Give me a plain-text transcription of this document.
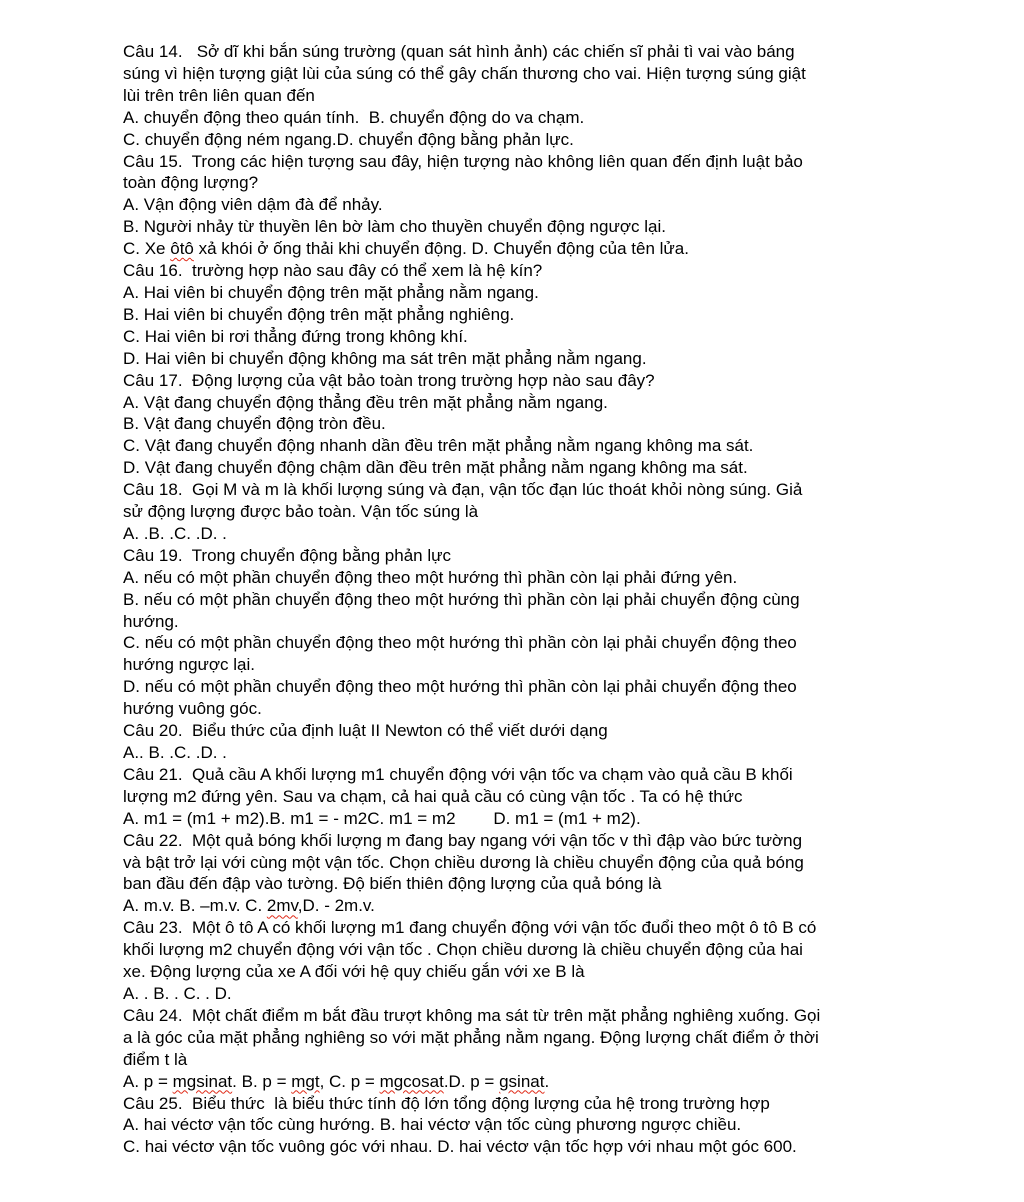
Câu 14.   Sở dĩ khi bắn súng trường (quan sát hình ảnh) các chiến sĩ phải tì vai vào báng
súng vì hiện tượng giật lùi của súng có thể gây chấn thương cho vai. Hiện tượng súng giật
lùi trên trên liên quan đến
A. chuyển động theo quán tính.  B. chuyển động do va chạm.
C. chuyển động ném ngang.D. chuyển động bằng phản lực.
Câu 15.  Trong các hiện tượng sau đây, hiện tượng nào không liên quan đến định luật bảo
toàn động lượng?
A. Vận động viên dậm đà để nhảy.
B. Người nhảy từ thuyền lên bờ làm cho thuyền chuyển động ngược lại.
C. Xe ôtô xả khói ở ống thải khi chuyển động. D. Chuyển động của tên lửa.
Câu 16.  trường hợp nào sau đây có thể xem là hệ kín?
A. Hai viên bi chuyển động trên mặt phẳng nằm ngang.
B. Hai viên bi chuyển động trên mặt phẳng nghiêng.
C. Hai viên bi rơi thẳng đứng trong không khí.
D. Hai viên bi chuyển động không ma sát trên mặt phẳng nằm ngang.
Câu 17.  Động lượng của vật bảo toàn trong trường hợp nào sau đây?
A. Vật đang chuyển động thẳng đều trên mặt phẳng nằm ngang.
B. Vật đang chuyển động tròn đều.
C. Vật đang chuyển động nhanh dần đều trên mặt phẳng nằm ngang không ma sát.
D. Vật đang chuyển động chậm dần đều trên mặt phẳng nằm ngang không ma sát.
Câu 18.  Gọi M và m là khối lượng súng và đạn, vận tốc đạn lúc thoát khỏi nòng súng. Giả
sử động lượng được bảo toàn. Vận tốc súng là
A. .B. .C. .D. .
Câu 19.  Trong chuyển động bằng phản lực
A. nếu có một phần chuyển động theo một hướng thì phần còn lại phải đứng yên.
B. nếu có một phần chuyển động theo một hướng thì phần còn lại phải chuyển động cùng
hướng.
C. nếu có một phần chuyển động theo một hướng thì phần còn lại phải chuyển động theo
hướng ngược lại.
D. nếu có một phần chuyển động theo một hướng thì phần còn lại phải chuyển động theo
hướng vuông góc.
Câu 20.  Biểu thức của định luật II Newton có thể viết dưới dạng
A.. B. .C. .D. .
Câu 21.  Quả cầu A khối lượng m1 chuyển động với vận tốc va chạm vào quả cầu B khối
lượng m2 đứng yên. Sau va chạm, cả hai quả cầu có cùng vận tốc . Ta có hệ thức
A. m1 = (m1 + m2).B. m1 = - m2C. m1 = m2        D. m1 = (m1 + m2).
Câu 22.  Một quả bóng khối lượng m đang bay ngang với vận tốc v thì đập vào bức tường
và bật trở lại với cùng một vận tốc. Chọn chiều dương là chiều chuyển động của quả bóng
ban đầu đến đập vào tường. Độ biến thiên động lượng của quả bóng là
A. m.v. B. –m.v. C. 2mv,D. - 2m.v.
Câu 23.  Một ô tô A có khối lượng m1 đang chuyển động với vận tốc đuổi theo một ô tô B có
khối lượng m2 chuyển động với vận tốc . Chọn chiều dương là chiều chuyển động của hai
xe. Động lượng của xe A đối với hệ quy chiếu gắn với xe B là
A. . B. . C. . D.
Câu 24.  Một chất điểm m bắt đầu trượt không ma sát từ trên mặt phẳng nghiêng xuống. Gọi
a là góc của mặt phẳng nghiêng so với mặt phẳng nằm ngang. Động lượng chất điểm ở thời
điểm t là
A. p = mgsinat. B. p = mgt, C. p = mgcosat.D. p = gsinat.
Câu 25.  Biểu thức  là biểu thức tính độ lớn tổng động lượng của hệ trong trường hợp
A. hai véctơ vận tốc cùng hướng. B. hai véctơ vận tốc cùng phương ngược chiều.
C. hai véctơ vận tốc vuông góc với nhau. D. hai véctơ vận tốc hợp với nhau một góc 600.
